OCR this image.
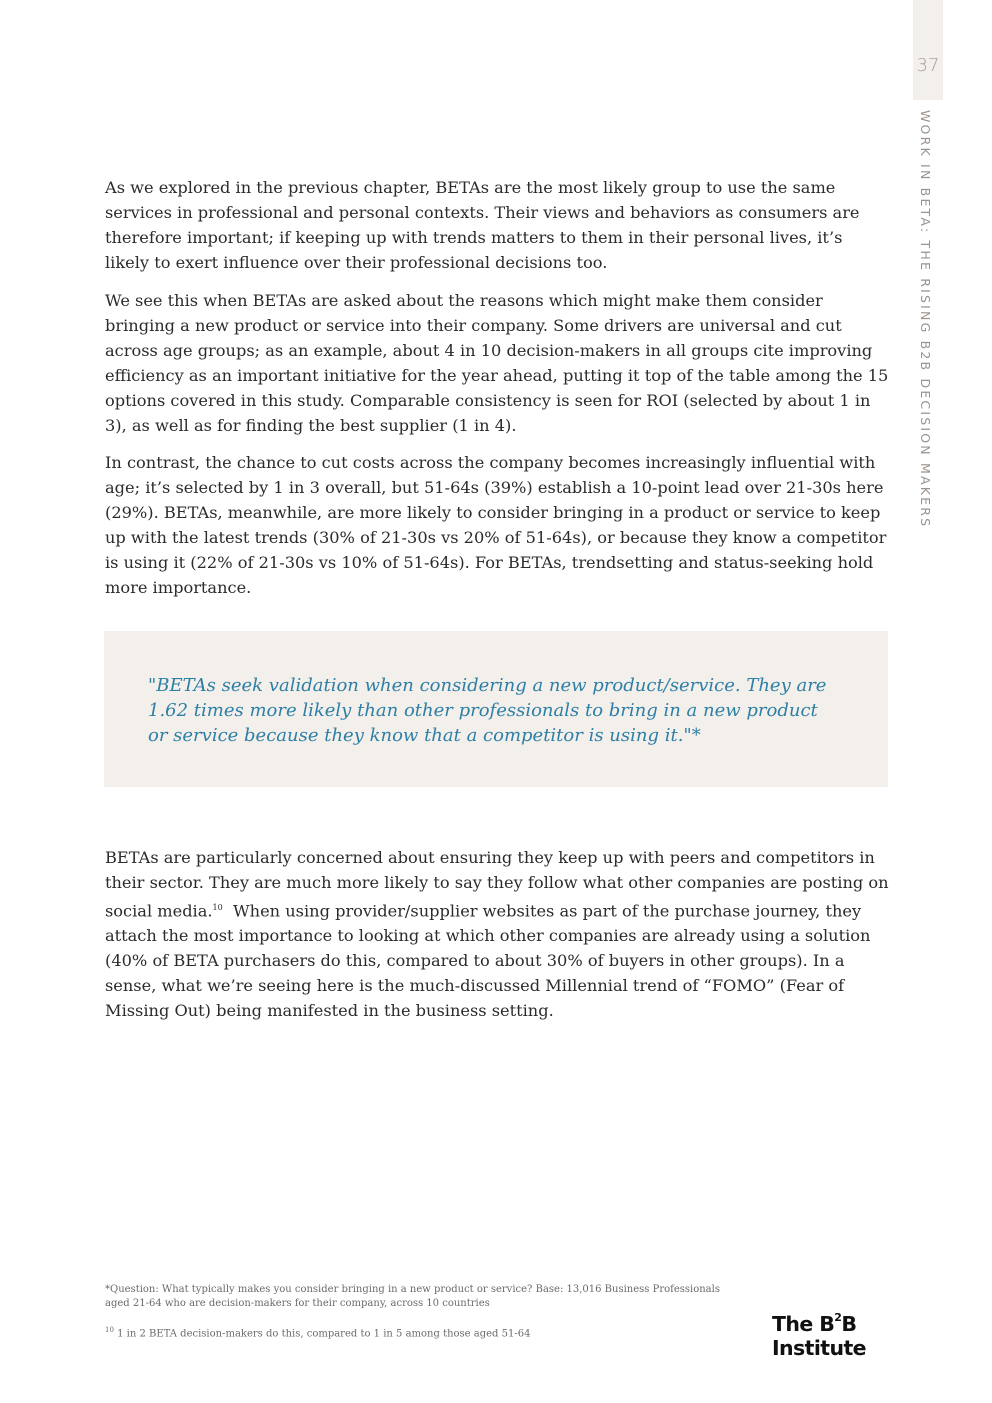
37
WORK IN BETA: THE RISING B2B DECISION MAKERS

As we explored in the previous chapter, BETAs are the most likely group to use the same services in professional and personal contexts. Their views and behaviors as consumers are therefore important; if keeping up with trends matters to them in their personal lives, it’s likely to exert influence over their professional decisions too.

We see this when BETAs are asked about the reasons which might make them consider bringing a new product or service into their company. Some drivers are universal and cut across age groups; as an example, about 4 in 10 decision-makers in all groups cite improving efficiency as an important initiative for the year ahead, putting it top of the table among the 15 options covered in this study. Comparable consistency is seen for ROI (selected by about 1 in 3), as well as for finding the best supplier (1 in 4).

In contrast, the chance to cut costs across the company becomes increasingly influential with age; it’s selected by 1 in 3 overall, but 51-64s (39%) establish a 10-point lead over 21-30s here (29%). BETAs, meanwhile, are more likely to consider bringing in a product or service to keep up with the latest trends (30% of 21-30s vs 20% of 51-64s), or because they know a competitor is using it (22% of 21-30s vs 10% of 51-64s). For BETAs, trendsetting and status-seeking hold more importance.

"BETAs seek validation when considering a new product/service. They are 1.62 times more likely than other professionals to bring in a new product or service because they know that a competitor is using it."*

BETAs are particularly concerned about ensuring they keep up with peers and competitors in their sector. They are much more likely to say they follow what other companies are posting on social media.$^{10}$  When using provider/supplier websites as part of the purchase journey, they attach the most importance to looking at which other companies are already using a solution (40% of BETA purchasers do this, compared to about 30% of buyers in other groups). In a sense, what we’re seeing here is the much-discussed Millennial trend of “FOMO” (Fear of Missing Out) being manifested in the business setting.

*Question: What typically makes you consider bringing in a new product or service? Base: 13,016 Business Professionals aged 21-64 who are decision-makers for their company, across 10 countries

$^{10}$ 1 in 2 BETA decision-makers do this, compared to 1 in 5 among those aged 51-64	The $B^2B$ Institute
